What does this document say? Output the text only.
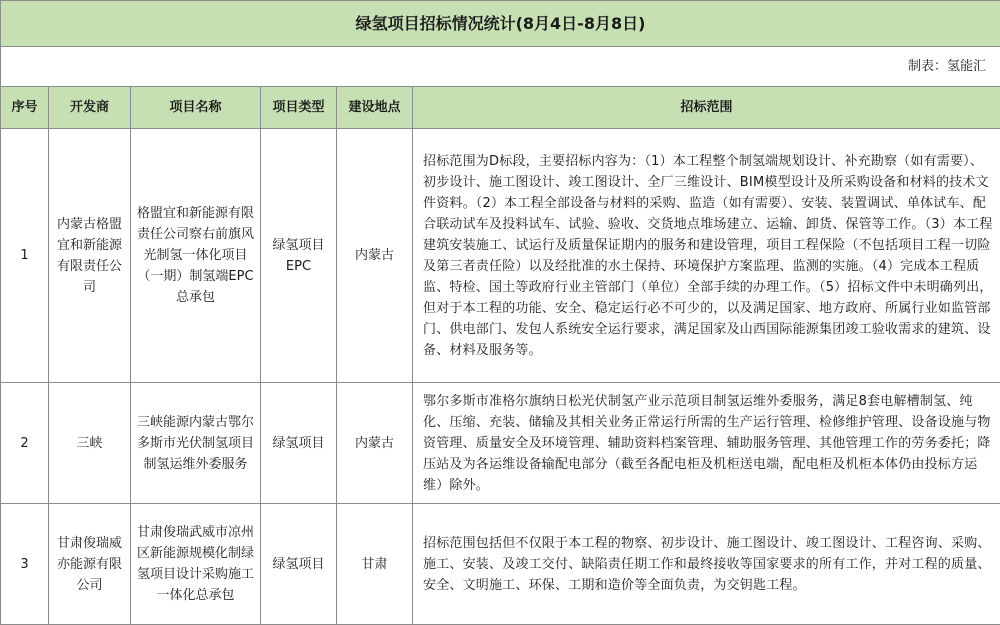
绿氢项目招标情况统计(8月4日-8月8日)					
制表：氢能汇					
序号	开发商	项目名称	项目类型	建设地点	招标范围
1	内蒙古格盟宜和新能源有限责任公司	格盟宜和新能源有限责任公司察右前旗风光制氢一体化项目（一期）制氢端EPC总承包	绿氢项目EPC	内蒙古	招标范围为D标段，主要招标内容为：（1）本工程整个制氢端规划设计、补充勘察（如有需要）、初步设计、施工图设计、竣工图设计、全厂三维设计、BIM模型设计及所采购设备和材料的技术文件资料。（2）本工程全部设备与材料的采购、监造（如有需要）、安装、装置调试、单体试车、配合联动试车及投料试车、试验、验收、交货地点堆场建立、运输、卸货、保管等工作。（3）本工程建筑安装施工、试运行及质量保证期内的服务和建设管理，项目工程保险（不包括项目工程一切险及第三者责任险）以及经批准的水土保持、环境保护方案监理、监测的实施。（4）完成本工程质监、特检、国土等政府行业主管部门（单位）全部手续的办理工作。（5）招标文件中未明确列出，但对于本工程的功能、安全、稳定运行必不可少的，以及满足国家、地方政府、所属行业如监管部门、供电部门、发包人系统安全运行要求，满足国家及山西国际能源集团竣工验收需求的建筑、设备、材料及服务等。
2	三峡	三峡能源内蒙古鄂尔多斯市光伏制氢项目制氢运维外委服务	绿氢项目	内蒙古	鄂尔多斯市准格尔旗纳日松光伏制氢产业示范项目制氢运维外委服务，满足8套电解槽制氢、纯化、压缩、充装、储输及其相关业务正常运行所需的生产运行管理、检修维护管理、设备设施与物资管理、质量安全及环境管理、辅助资料档案管理、辅助服务管理、其他管理工作的劳务委托；降压站及为各运维设备输配电部分（截至各配电柜及机柜送电端，配电柜及机柜本体仍由投标方运维）除外。
3	甘肃俊瑞威亦能源有限公司	甘肃俊瑞武威市凉州区新能源规模化制绿氢项目设计采购施工一体化总承包	绿氢项目	甘肃	招标范围包括但不仅限于本工程的物察、初步设计、施工图设计、竣工图设计、工程咨询、采购、施工、安装、及竣工交付、缺陷责任期工作和最终接收等国家要求的所有工作，并对工程的质量、安全、文明施工、环保、工期和造价等全面负责，为交钥匙工程。
